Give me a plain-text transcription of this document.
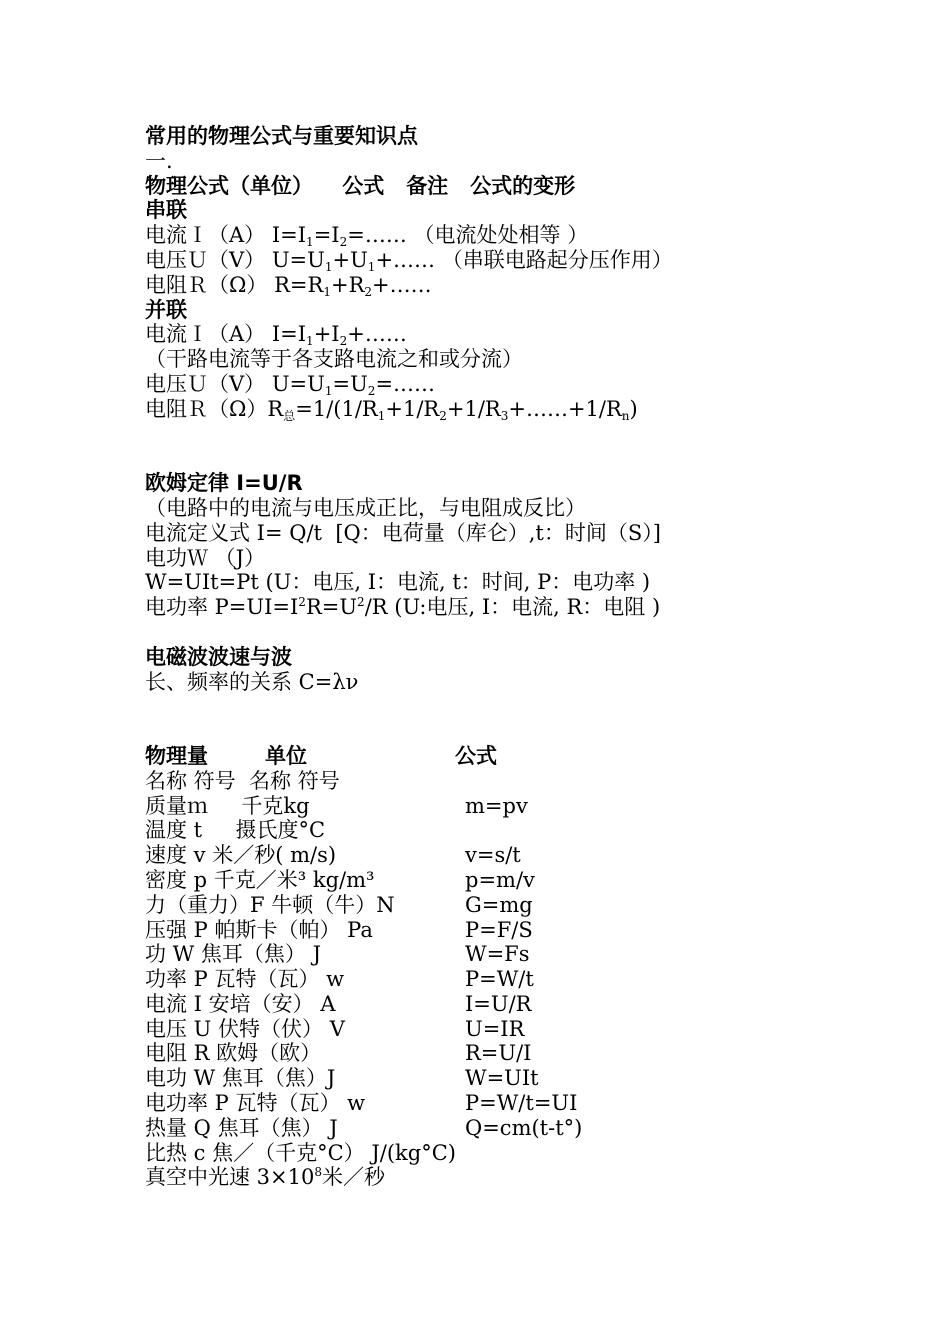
常用的物理公式与重要知识点
一.
物理公式（单位） 公式 备注 公式的变形
串联
电流Ｉ（A） $I=I_1=I_2=\dots\dots$ （电流处处相等 ）
电压Ｕ（V） $U=U_1+U_1+\dots\dots$ （串联电路起分压作用）
电阻Ｒ（Ω） $R=R_1+R_2+\dots\dots$
并联
电流Ｉ（A） $I=I_1+I_2+\dots\dots$
（干路电流等于各支路电流之和或分流）
电压Ｕ（V） $U=U_1=U_2=\dots\dots$
电阻$R(\Omega)R_总=1/(1/R_1+1/R_2+1/R_3+\dots\dots+1/R_n)$
欧姆定律 I=U/R
（电路中的电流与电压成正比，与电阻成反比）
电流定义式 I= Q/t  [Q：电荷量（库仑）,t：时间（S）]
电功Ｗ （J）
W=UIt=Pt (U：电压, I：电流, t：时间, P：电功率 )
电功率 $P=UI=I^2R=U^2/R$ (U:电压, I：电流, R：电阻 )
电磁波波速与波
长、频率的关系 C=λν
物理量	单位	公式
名称 符号  名称 符号
质量ｍ     千克kg	m=pv
温度 t     摄氏度°C
速度 v 米／秒( m/s)	v=s/t
密度 p 千克／米³ kg/m³	p=m/v
力（重力）F 牛顿（牛）N	G=mg
压强 P 帕斯卡（帕） Pa	P=F/S
功 W 焦耳（焦） J	W=Fs
功率 P 瓦特（瓦） w	P=W/t
电流 I 安培（安） A	I=U/R
电压 U 伏特（伏） V	U=IR
电阻 R 欧姆（欧）	R=U/I
电功 W 焦耳（焦）J	W=UIt
电功率 P 瓦特（瓦） w	P=W/t=UI
热量 Q 焦耳（焦） J	Q=cm(t-t°)
比热 c 焦／（千克°C） J/(kg°C)
真空中光速 $3\times 10^8$米／秒
